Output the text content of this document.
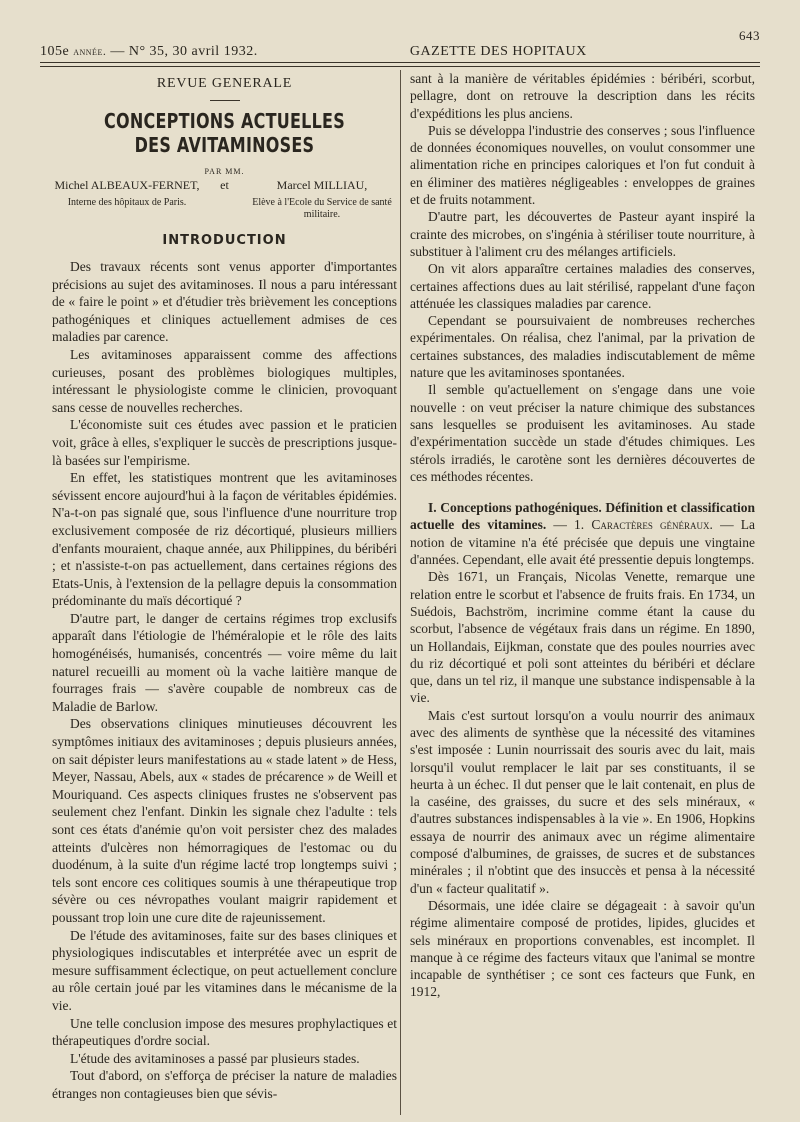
105e année. — N° 35, 30 avril 1932.	GAZETTE DES HOPITAUX
643
REVUE GENERALE
CONCEPTIONS ACTUELLES DES AVITAMINOSES
PAR MM.
Michel ALBEAUX-FERNET,
Interne des hôpitaux de Paris.
et	Marcel MILLIAU,
Elève à l'Ecole du Service de santé militaire.
INTRODUCTION

Des travaux récents sont venus apporter d'importantes précisions au sujet des avitaminoses. Il nous a paru intéressant de « faire le point » et d'étudier très brièvement les conceptions pathogéniques et cliniques actuellement admises de ces maladies par carence.

Les avitaminoses apparaissent comme des affections curieuses, posant des problèmes biologiques multiples, intéressant le physiologiste comme le clinicien, provoquant sans cesse de nouvelles recherches.

L'économiste suit ces études avec passion et le praticien voit, grâce à elles, s'expliquer le succès de prescriptions jusque-là basées sur l'empirisme.

En effet, les statistiques montrent que les avitaminoses sévissent encore aujourd'hui à la façon de véritables épidémies. N'a-t-on pas signalé que, sous l'influence d'une nourriture trop exclusivement composée de riz décortiqué, plusieurs milliers d'enfants mouraient, chaque année, aux Philippines, du béribéri ; et n'assiste-t-on pas actuellement, dans certaines régions des Etats-Unis, à l'extension de la pellagre depuis la consommation prédominante du maïs décortiqué ?

D'autre part, le danger de certains régimes trop exclusifs apparaît dans l'étiologie de l'héméralopie et le rôle des laits homogénéisés, humanisés, concentrés — voire même du lait naturel recueilli au moment où la vache laitière manque de fourrages frais — s'avère coupable de nombreux cas de Maladie de Barlow.

Des observations cliniques minutieuses découvrent les symptômes initiaux des avitaminoses ; depuis plusieurs années, on sait dépister leurs manifestations au « stade latent » de Hess, Meyer, Nassau, Abels, aux « stades de précarence » de Weill et Mouriquand. Ces aspects cliniques frustes ne s'observent pas seulement chez l'enfant. Dinkin les signale chez l'adulte : tels sont ces états d'anémie qu'on voit persister chez des malades atteints d'ulcères non hémorragiques de l'estomac ou du duodénum, à la suite d'un régime lacté trop longtemps suivi ; tels sont encore ces colitiques soumis à une thérapeutique trop sévère ou ces névropathes voulant maigrir rapidement et poussant trop loin une cure dite de rajeunissement.

De l'étude des avitaminoses, faite sur des bases cliniques et physiologiques indiscutables et interprétée avec un esprit de mesure suffisamment éclectique, on peut actuellement conclure au rôle certain joué par les vitamines dans le mécanisme de la vie.

Une telle conclusion impose des mesures prophylactiques et thérapeutiques d'ordre social.

L'étude des avitaminoses a passé par plusieurs stades.

Tout d'abord, on s'efforça de préciser la nature de maladies étranges non contagieuses bien que sévis-

sant à la manière de véritables épidémies : béribéri, scorbut, pellagre, dont on retrouve la description dans les récits d'expéditions les plus anciens.

Puis se développa l'industrie des conserves ; sous l'influence de données économiques nouvelles, on voulut consommer une alimentation riche en principes caloriques et l'on fut conduit à en éliminer des matières négligeables : enveloppes de graines et de fruits notamment.

D'autre part, les découvertes de Pasteur ayant inspiré la crainte des microbes, on s'ingénia à stériliser toute nourriture, à substituer à l'aliment cru des mélanges artificiels.

On vit alors apparaître certaines maladies des conserves, certaines affections dues au lait stérilisé, rappelant d'une façon atténuée les classiques maladies par carence.

Cependant se poursuivaient de nombreuses recherches expérimentales. On réalisa, chez l'animal, par la privation de certaines substances, des maladies indiscutablement de même nature que les avitaminoses spontanées.

Il semble qu'actuellement on s'engage dans une voie nouvelle : on veut préciser la nature chimique des substances sans lesquelles se produisent les avitaminoses. Au stade d'expérimentation succède un stade d'études chimiques. Les stérols irradiés, le carotène sont les dernières découvertes de ces méthodes récentes.

I. Conceptions pathogéniques. Définition et classification actuelle des vitamines. — 1. Caractères généraux. — La notion de vitamine n'a été précisée que depuis une vingtaine d'années. Cependant, elle avait été pressentie depuis longtemps.

Dès 1671, un Français, Nicolas Venette, remarque une relation entre le scorbut et l'absence de fruits frais. En 1734, un Suédois, Bachström, incrimine comme étant la cause du scorbut, l'absence de végétaux frais dans un régime. En 1890, un Hollandais, Eijkman, constate que des poules nourries avec du riz décortiqué et poli sont atteintes du béribéri et déclare que, dans un tel riz, il manque une substance indispensable à la vie.

Mais c'est surtout lorsqu'on a voulu nourrir des animaux avec des aliments de synthèse que la nécessité des vitamines s'est imposée : Lunin nourrissait des souris avec du lait, mais lorsqu'il voulut remplacer le lait par ses constituants, il se heurta à un échec. Il dut penser que le lait contenait, en plus de la caséine, des graisses, du sucre et des sels minéraux, « d'autres substances indispensables à la vie ». En 1906, Hopkins essaya de nourrir des animaux avec un régime alimentaire composé d'albumines, de graisses, de sucres et de substances minérales ; il n'obtint que des insuccès et pensa à la nécessité d'un « facteur qualitatif ».

Désormais, une idée claire se dégageait : à savoir qu'un régime alimentaire composé de protides, lipides, glucides et sels minéraux en proportions convenables, est incomplet. Il manque à ce régime des facteurs vitaux que l'animal se montre incapable de synthétiser ; ce sont ces facteurs que Funk, en 1912,
